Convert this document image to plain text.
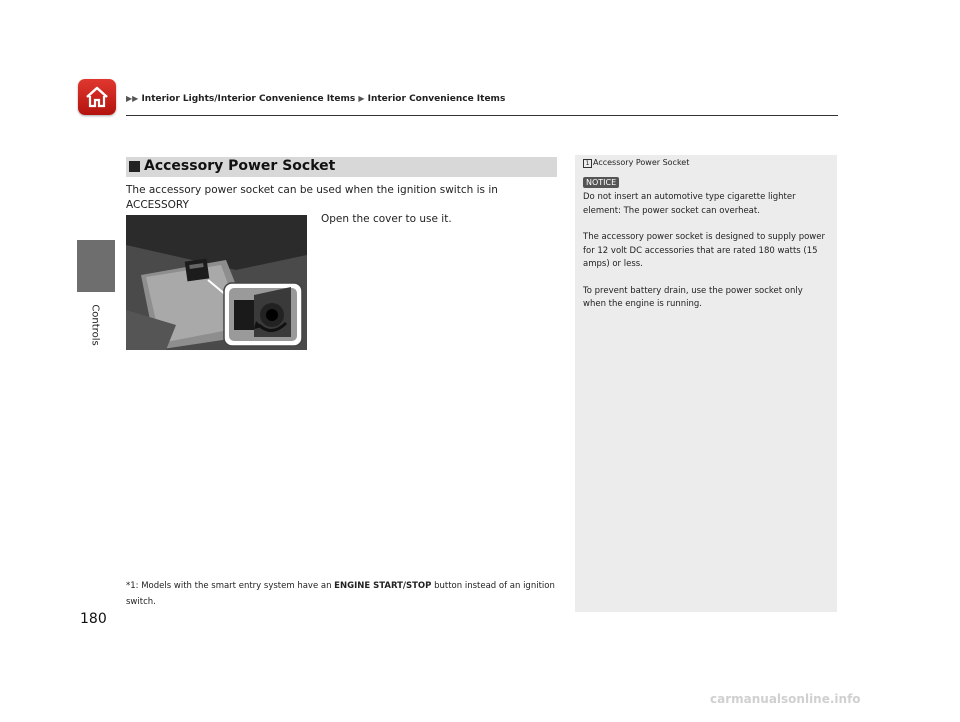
▶▶ Interior Lights/Interior Convenience Items ▶ Interior Convenience Items
Controls
Accessory Power Socket
The accessory power socket can be used when the ignition switch is in ACCESSORY

Open the cover to use it.
*1: Models with the smart entry system have an ENGINE START/STOP button instead of an ignition switch.
1 Accessory Power Socket
NOTICE

Do not insert an automotive type cigarette lighter element: The power socket can overheat.

The accessory power socket is designed to supply power for 12 volt DC accessories that are rated 180 watts (15 amps) or less.

To prevent battery drain, use the power socket only when the engine is running.

180
carmanualsonline.info
